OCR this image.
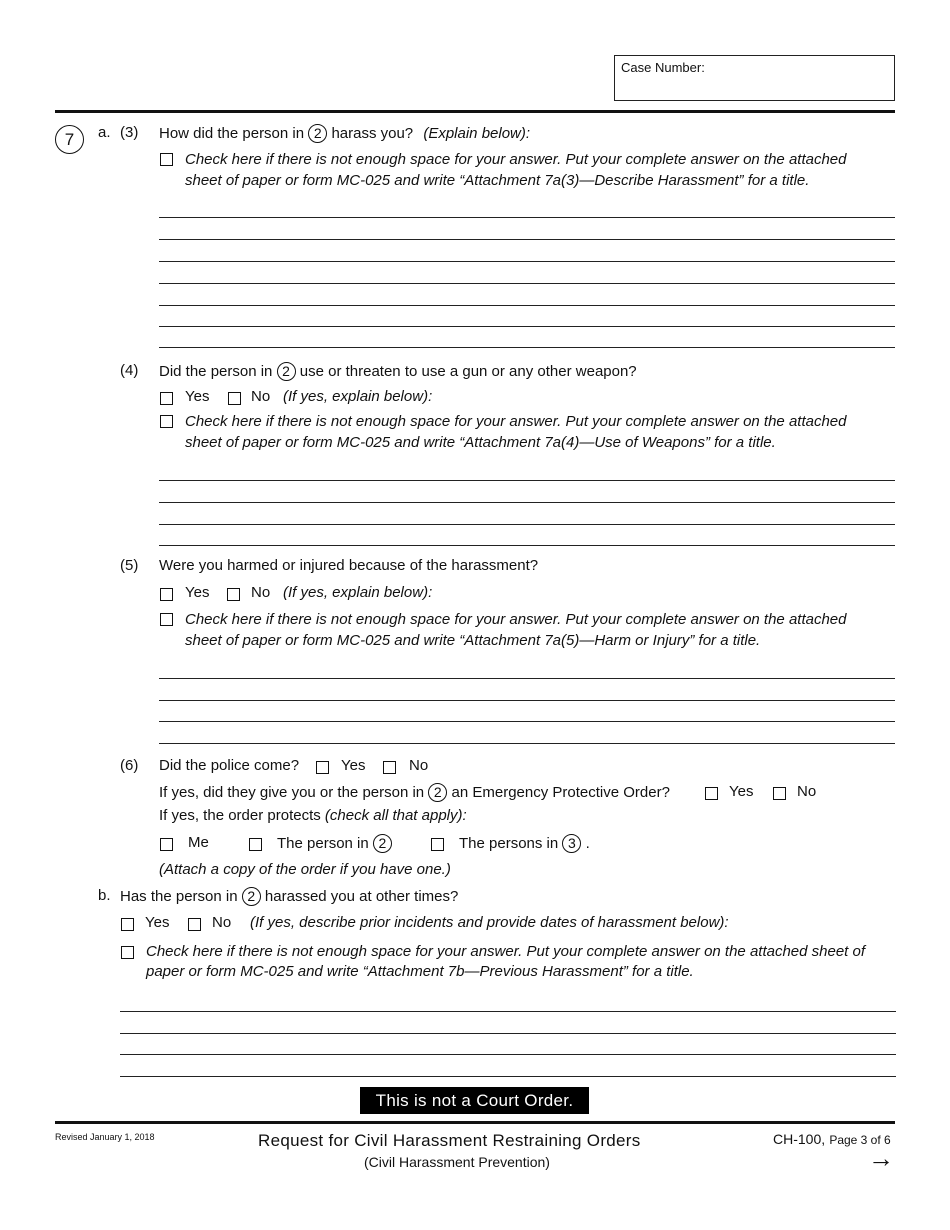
Case Number:
7	a. (3) How did the person in 2 harass you? (Explain below):
Check here if there is not enough space for your answer. Put your complete answer on the attached sheet of paper or form MC-025 and write “Attachment 7a(3)—Describe Harassment” for a title.
(4) Did the person in 2 use or threaten to use a gun or any other weapon?
Yes	No (If yes, explain below):
Check here if there is not enough space for your answer. Put your complete answer on the attached sheet of paper or form MC-025 and write “Attachment 7a(4)—Use of Weapons” for a title.
(5) Were you harmed or injured because of the harassment?
Yes	No (If yes, explain below):
Check here if there is not enough space for your answer. Put your complete answer on the attached sheet of paper or form MC-025 and write “Attachment 7a(5)—Harm or Injury” for a title.
(6) Did the police come?	Yes	No
If yes, did they give you or the person in 2 an Emergency Protective Order?	Yes	No
If yes, the order protects (check all that apply):
Me	The person in 2	The persons in 3 .
(Attach a copy of the order if you have one.)
b. Has the person in 2 harassed you at other times?
Yes	No (If yes, describe prior incidents and provide dates of harassment below):
Check here if there is not enough space for your answer. Put your complete answer on the attached sheet of paper or form MC-025 and write “Attachment 7b—Previous Harassment” for a title.
This is not a Court Order.
Revised January 1, 2018	Request for Civil Harassment Restraining Orders
(Civil Harassment Prevention)
CH-100, Page 3 of 6
→
